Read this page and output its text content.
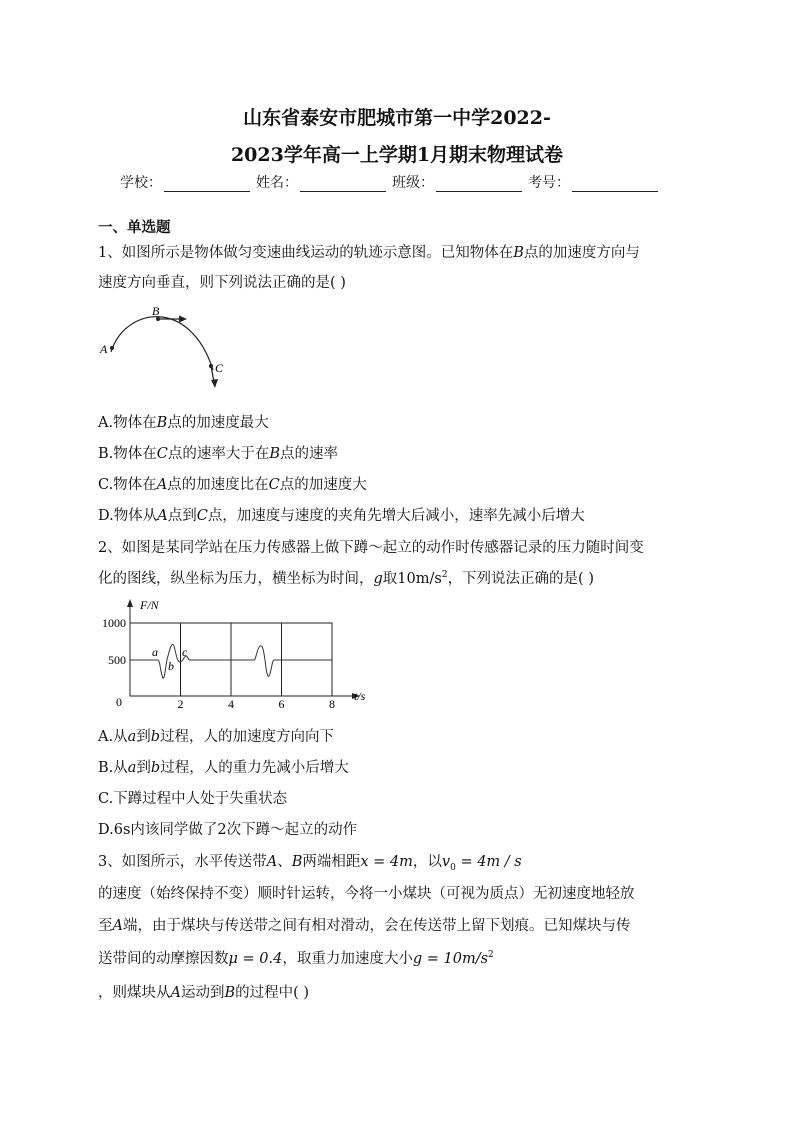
山东省泰安市肥城市第一中学2022-
2023学年高一上学期1月期末物理试卷
学校：	姓名：	班级：	考号：
一、单选题
1、如图所示是物体做匀变速曲线运动的轨迹示意图。已知物体在B点的加速度方向与
速度方向垂直，则下列说法正确的是( )
A
B
C
A.物体在B点的加速度最大
B.物体在C点的速率大于在B点的速率
C.物体在A点的加速度比在C点的加速度大
D.物体从A点到C点，加速度与速度的夹角先增大后减小，速率先减小后增大
2、如图是某同学站在压力传感器上做下蹲～起立的动作时传感器记录的压力随时间变
化的图线，纵坐标为压力，横坐标为时间，g取$10m/s^2$，下列说法正确的是( )
F/N
t/s
1000
500
0	2	4	6	8
a
b
c
A.从a到b过程，人的加速度方向向下
B.从a到b过程，人的重力先减小后增大
C.下蹲过程中人处于失重状态
D.6s内该同学做了2次下蹲～起立的动作
3、如图所示，水平传送带A、B两端相距x = 4m，以$v_0 = 4m / s$
的速度（始终保持不变）顺时针运转，今将一小煤块（可视为质点）无初速度地轻放
至A端，由于煤块与传送带之间有相对滑动，会在传送带上留下划痕。已知煤块与传
送带间的动摩擦因数μ = 0.4，取重力加速度大小$g = 10m/s^2$
，则煤块从A运动到B的过程中( )
